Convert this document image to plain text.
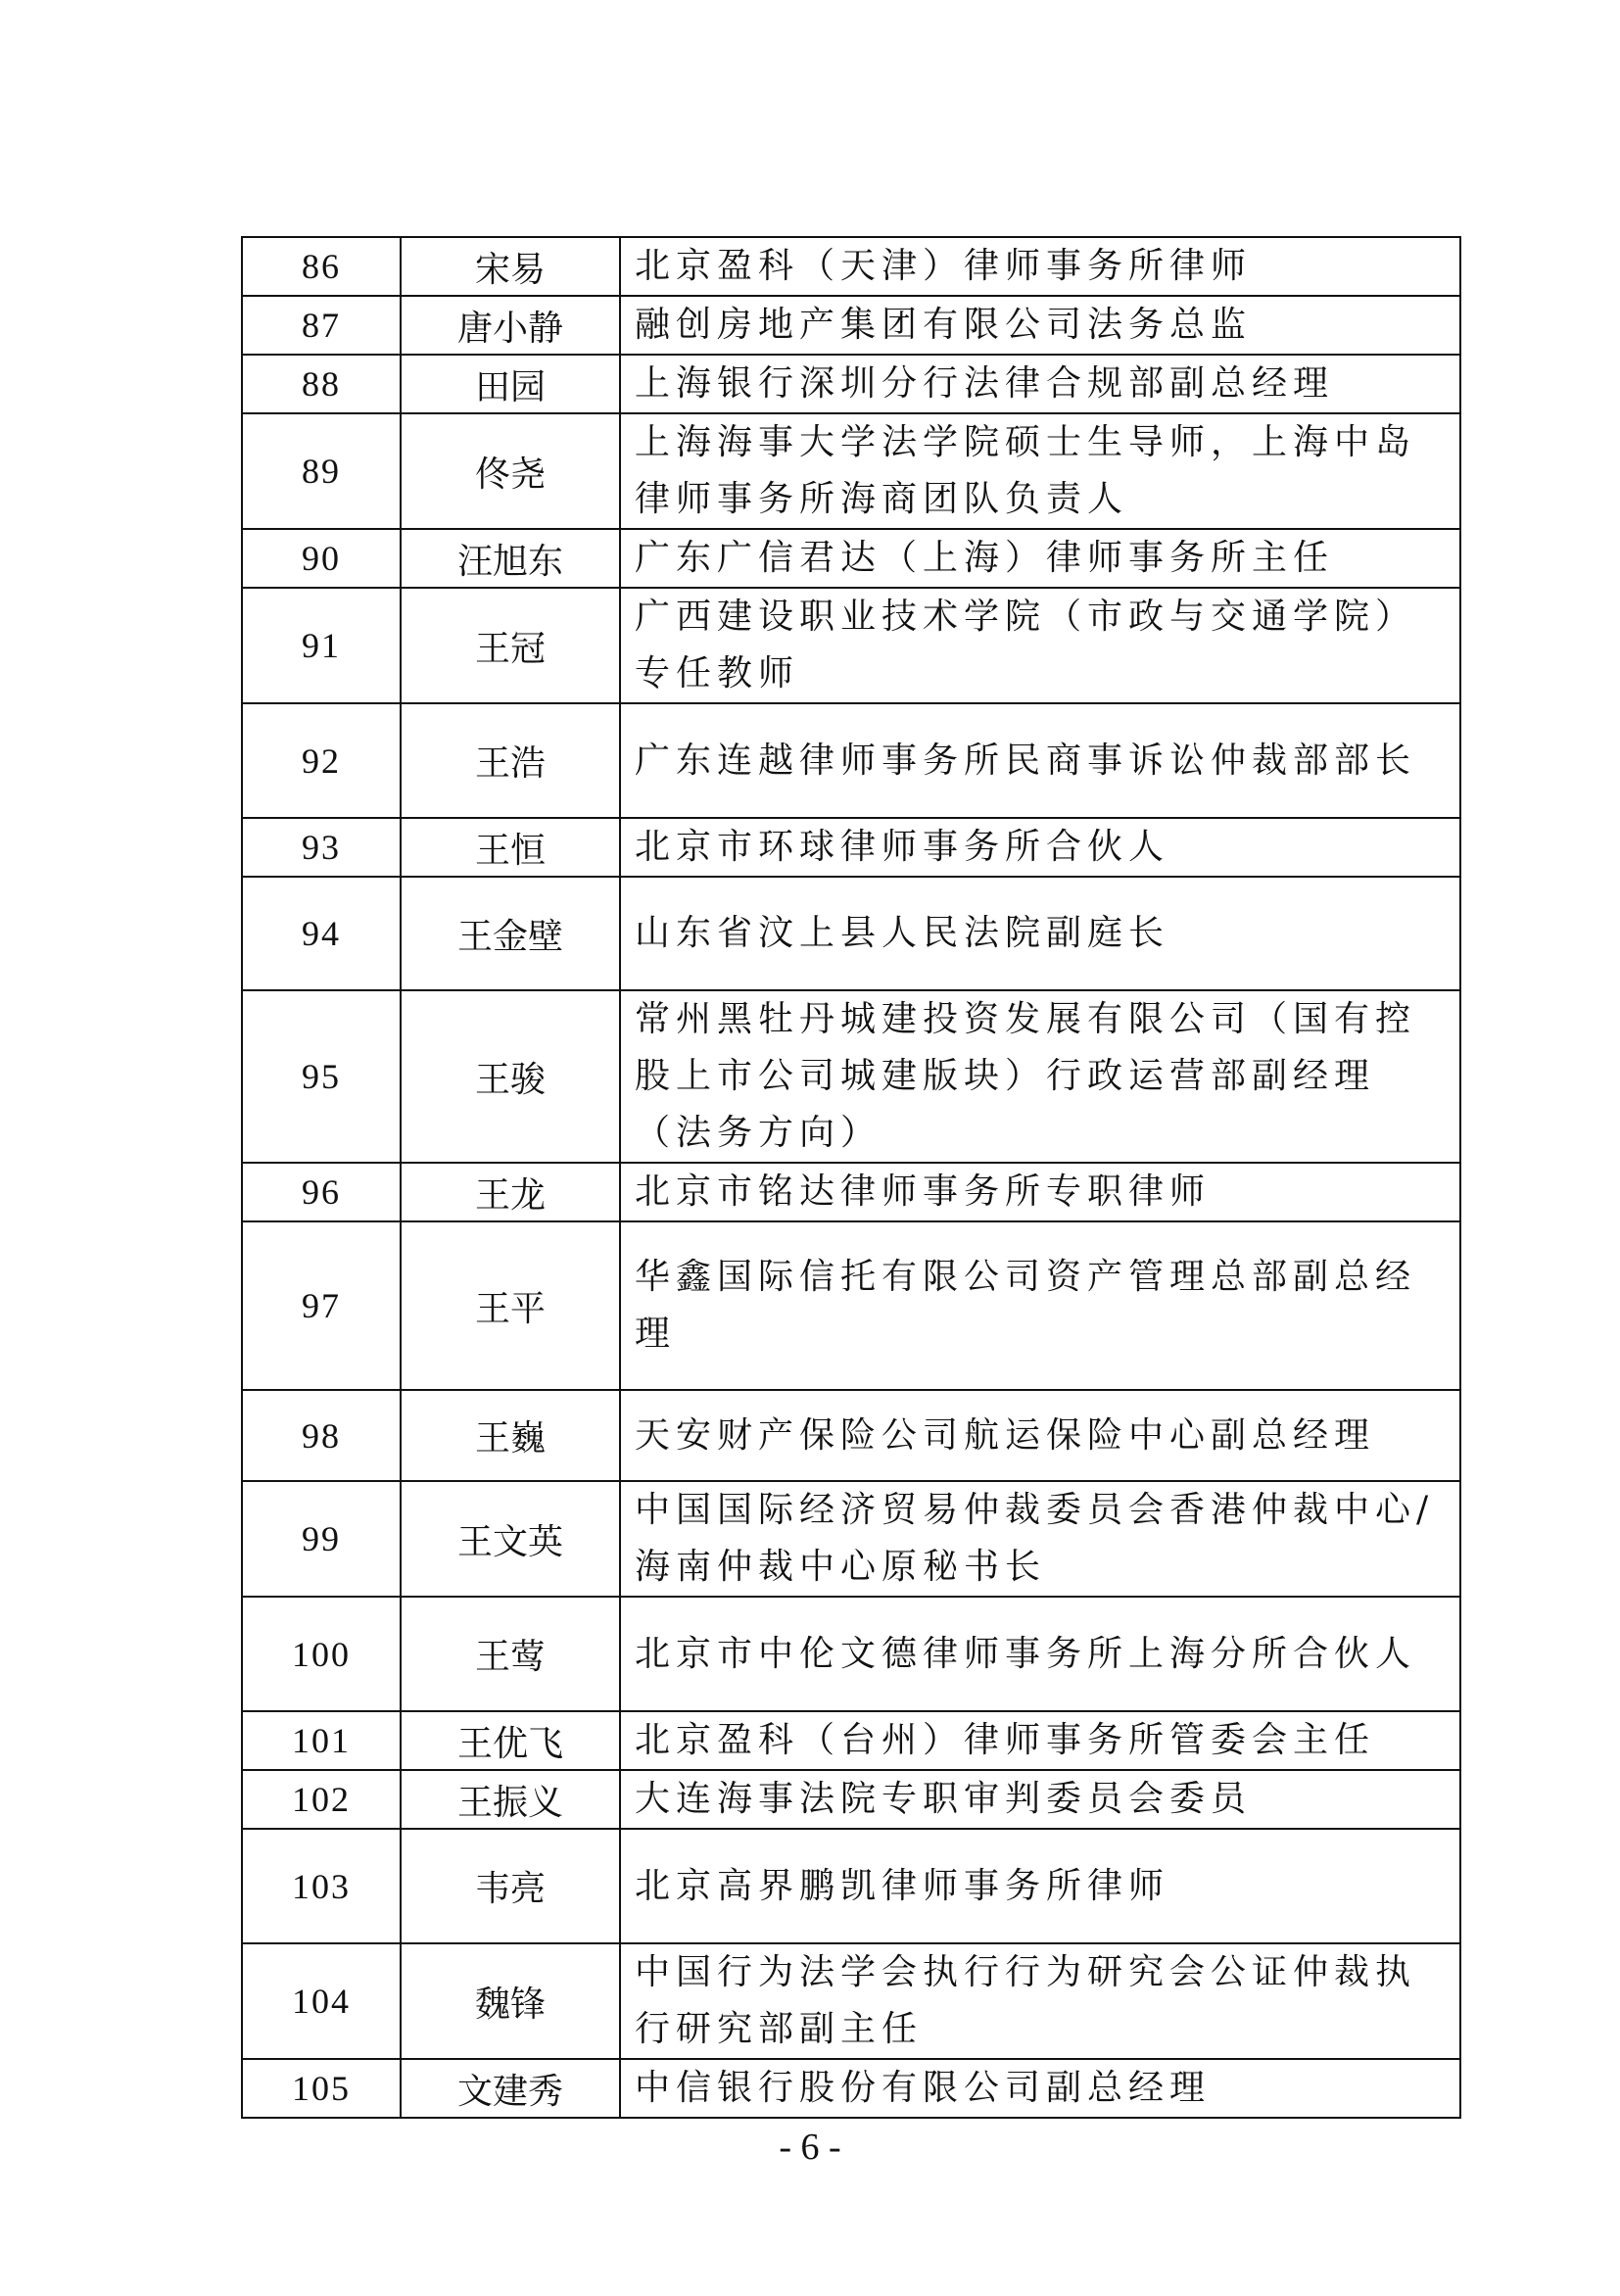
86	宋易	北京盈科（天津）律师事务所律师
87	唐小静	融创房地产集团有限公司法务总监
88	田园	上海银行深圳分行法律合规部副总经理
89	佟尧	上海海事大学法学院硕士生导师，上海中岛律师事务所海商团队负责人
90	汪旭东	广东广信君达（上海）律师事务所主任
91	王冠	广西建设职业技术学院（市政与交通学院）专任教师
92	王浩	广东连越律师事务所民商事诉讼仲裁部部长
93	王恒	北京市环球律师事务所合伙人
94	王金壁	山东省汶上县人民法院副庭长
95	王骏	常州黑牡丹城建投资发展有限公司（国有控股上市公司城建版块）行政运营部副经理（法务方向）
96	王龙	北京市铭达律师事务所专职律师
97	王平	华鑫国际信托有限公司资产管理总部副总经理
98	王巍	天安财产保险公司航运保险中心副总经理
99	王文英	中国国际经济贸易仲裁委员会香港仲裁中心/海南仲裁中心原秘书长
100	王莺	北京市中伦文德律师事务所上海分所合伙人
101	王优飞	北京盈科（台州）律师事务所管委会主任
102	王振义	大连海事法院专职审判委员会委员
103	韦亮	北京高界鹏凯律师事务所律师
104	魏锋	中国行为法学会执行行为研究会公证仲裁执行研究部副主任
105	文建秀	中信银行股份有限公司副总经理
- 6 -
